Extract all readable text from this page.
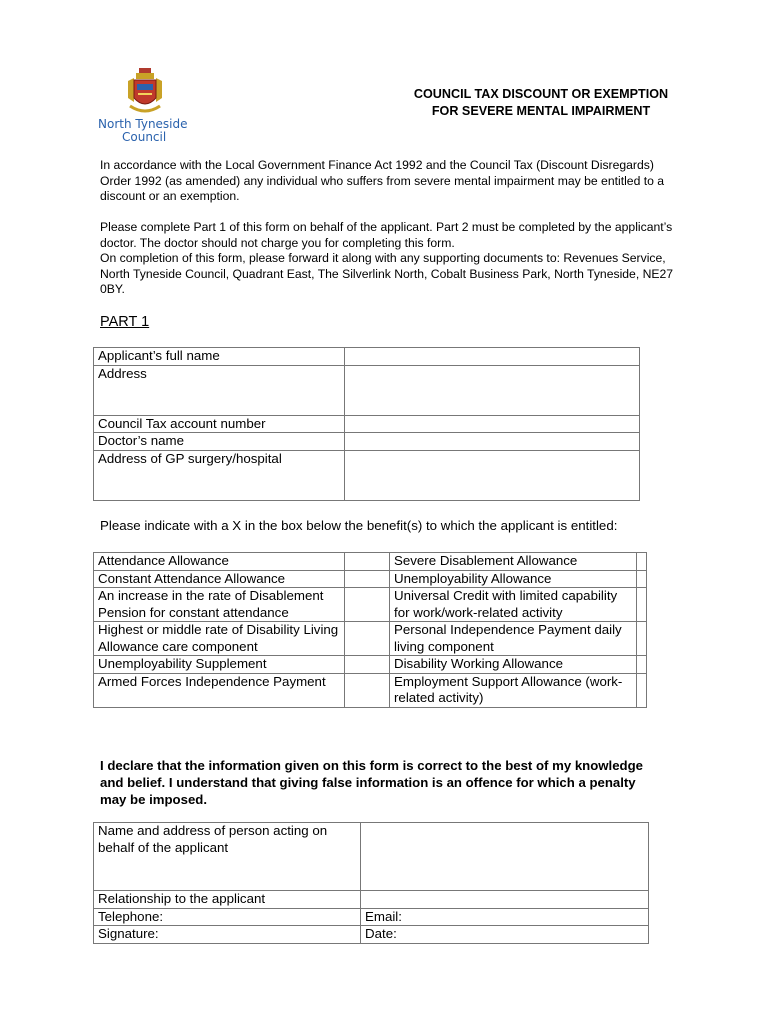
North Tyneside
Council
COUNCIL TAX DISCOUNT OR EXEMPTION FOR SEVERE MENTAL IMPAIRMENT
In accordance with the Local Government Finance Act 1992 and the Council Tax (Discount Disregards) Order 1992 (as amended) any individual who suffers from severe mental impairment may be entitled to a discount or an exemption.
Please complete Part 1 of this form on behalf of the applicant. Part 2 must be completed by the applicant’s doctor. The doctor should not charge you for completing this form.
On completion of this form, please forward it along with any supporting documents to: Revenues Service, North Tyneside Council, Quadrant East, The Silverlink North, Cobalt Business Park, North Tyneside, NE27 0BY.
PART 1
Applicant’s full name	
Address	
Council Tax account number	
Doctor’s name	
Address of GP surgery/hospital	
Please indicate with a X in the box below the benefit(s) to which the applicant is entitled:
Attendance Allowance		Severe Disablement Allowance	
Constant Attendance Allowance		Unemployability Allowance	
An increase in the rate of Disablement Pension for constant attendance		Universal Credit with limited capability for work/work-related activity	
Highest or middle rate of Disability Living Allowance care component		Personal Independence Payment daily living component	
Unemployability Supplement		Disability Working Allowance	
Armed Forces Independence Payment		Employment Support Allowance (work-related activity)	
I declare that the information given on this form is correct to the best of my knowledge and belief. I understand that giving false information is an offence for which a penalty may be imposed.
Name and address of person acting on behalf of the applicant	
Relationship to the applicant	
Telephone:	Email:
Signature:	Date:
